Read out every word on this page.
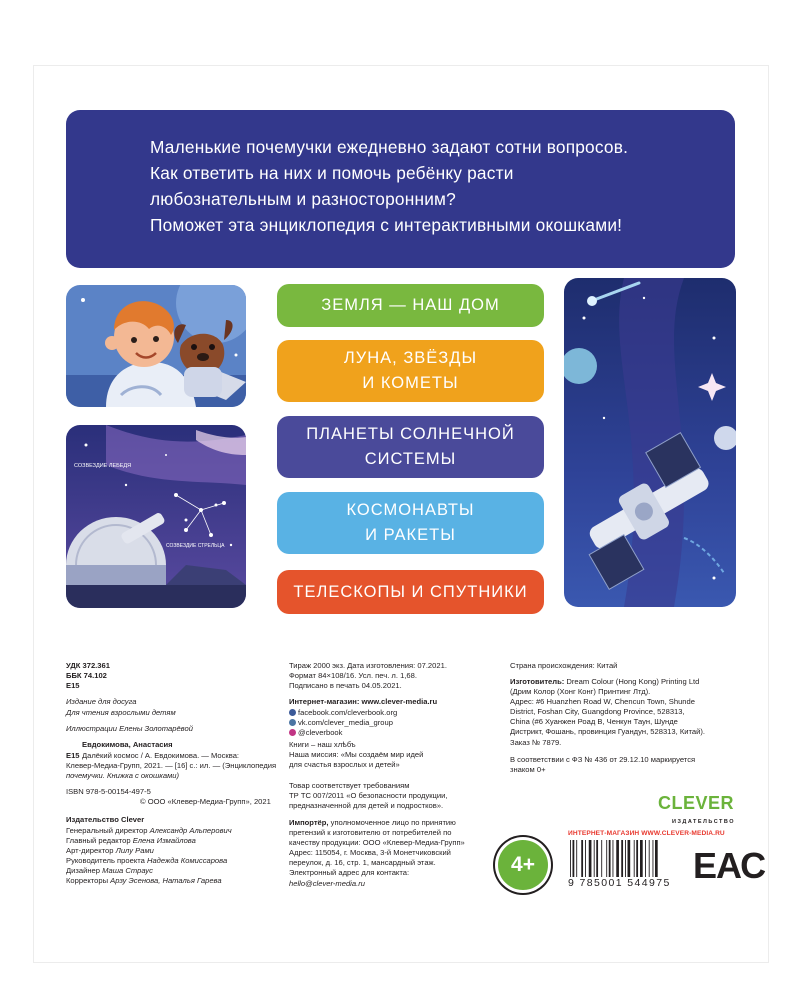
Маленькие почемучки ежедневно задают сотни вопросов.
Как ответить на них и помочь ребёнку расти
любознательным и разносторонним?
Поможет эта энциклопедия с интерактивными окошками!
СОЗВЕЗДИЕ ЛЕБЕДЯ
СОЗВЕЗДИЕ СТРЕЛЬЦА
ЗЕМЛЯ — НАШ ДОМ
ЛУНА, ЗВЁЗДЫ
И КОМЕТЫ
ПЛАНЕТЫ СОЛНЕЧНОЙ
СИСТЕМЫ
КОСМОНАВТЫ
И РАКЕТЫ
ТЕЛЕСКОПЫ И СПУТНИКИ
УДК 372.361
ББК 74.102
Е15
Издание для досуга
Для чтения взрослыми детям
Иллюстрации Елены Золотарёвой
Евдокимова, Анастасия
Е15 Далёкий космос / А. Евдокимова. — Москва:
Клевер-Медиа-Групп, 2021. — [16] с.: ил. — (Энциклопедия
почемучки. Книжка с окошками)
ISBN 978-5-00154-497-5
© ООО «Клевер-Медиа-Групп», 2021
Издательство Clever
Генеральный директор Александр Альперович
Главный редактор Елена Измайлова
Арт-директор Лилу Рами
Руководитель проекта Надежда Комиссарова
Дизайнер Маша Страус
Корректоры Арзу Эсенова, Наталья Гарева
Тираж 2000 экз. Дата изготовления: 07.2021.
Формат 84×108/16. Усл. печ. л. 1,68.
Подписано в печать 04.05.2021.
Интернет-магазин: www.clever-media.ru
facebook.com/cleverbook.org
vk.com/clever_media_group
@cleverbook
Книги – наш хлѣбъ
Наша миссия: «Мы создаём мир идей
для счастья взрослых и детей»
Товар соответствует требованиям
ТР ТС 007/2011 «О безопасности продукции,
предназначенной для детей и подростков».
Импортёр, уполномоченное лицо по принятию
претензий к изготовителю от потребителей по
качеству продукции: ООО «Клевер-Медиа-Групп»
Адрес: 115054, г. Москва, 3-й Монетчиковский
переулок, д. 16, стр. 1, мансардный этаж.
Электронный адрес для контакта:
hello@clever-media.ru
Страна происхождения: Китай
Изготовитель: Dream Colour (Hong Kong) Printing Ltd
(Дрим Колор (Хонг Конг) Принтинг Лтд).
Адрес: #6 Huanzhen Road W, Chencun Town, Shunde
District, Foshan City, Guangdong Province, 528313,
China (#6 Хуанжен Роад В, Ченкун Таун, Шунде
Дистрикт, Фошань, провинция Гуандун, 528313, Китай).
Заказ № 7879.
В соответствии с ФЗ № 436 от 29.12.10 маркируется
знаком 0+
CLEVER
ИЗДАТЕЛЬСТВО
ИНТЕРНЕТ-МАГАЗИН WWW.CLEVER-MEDIA.RU
4+
9 785001 544975 ЕАС
